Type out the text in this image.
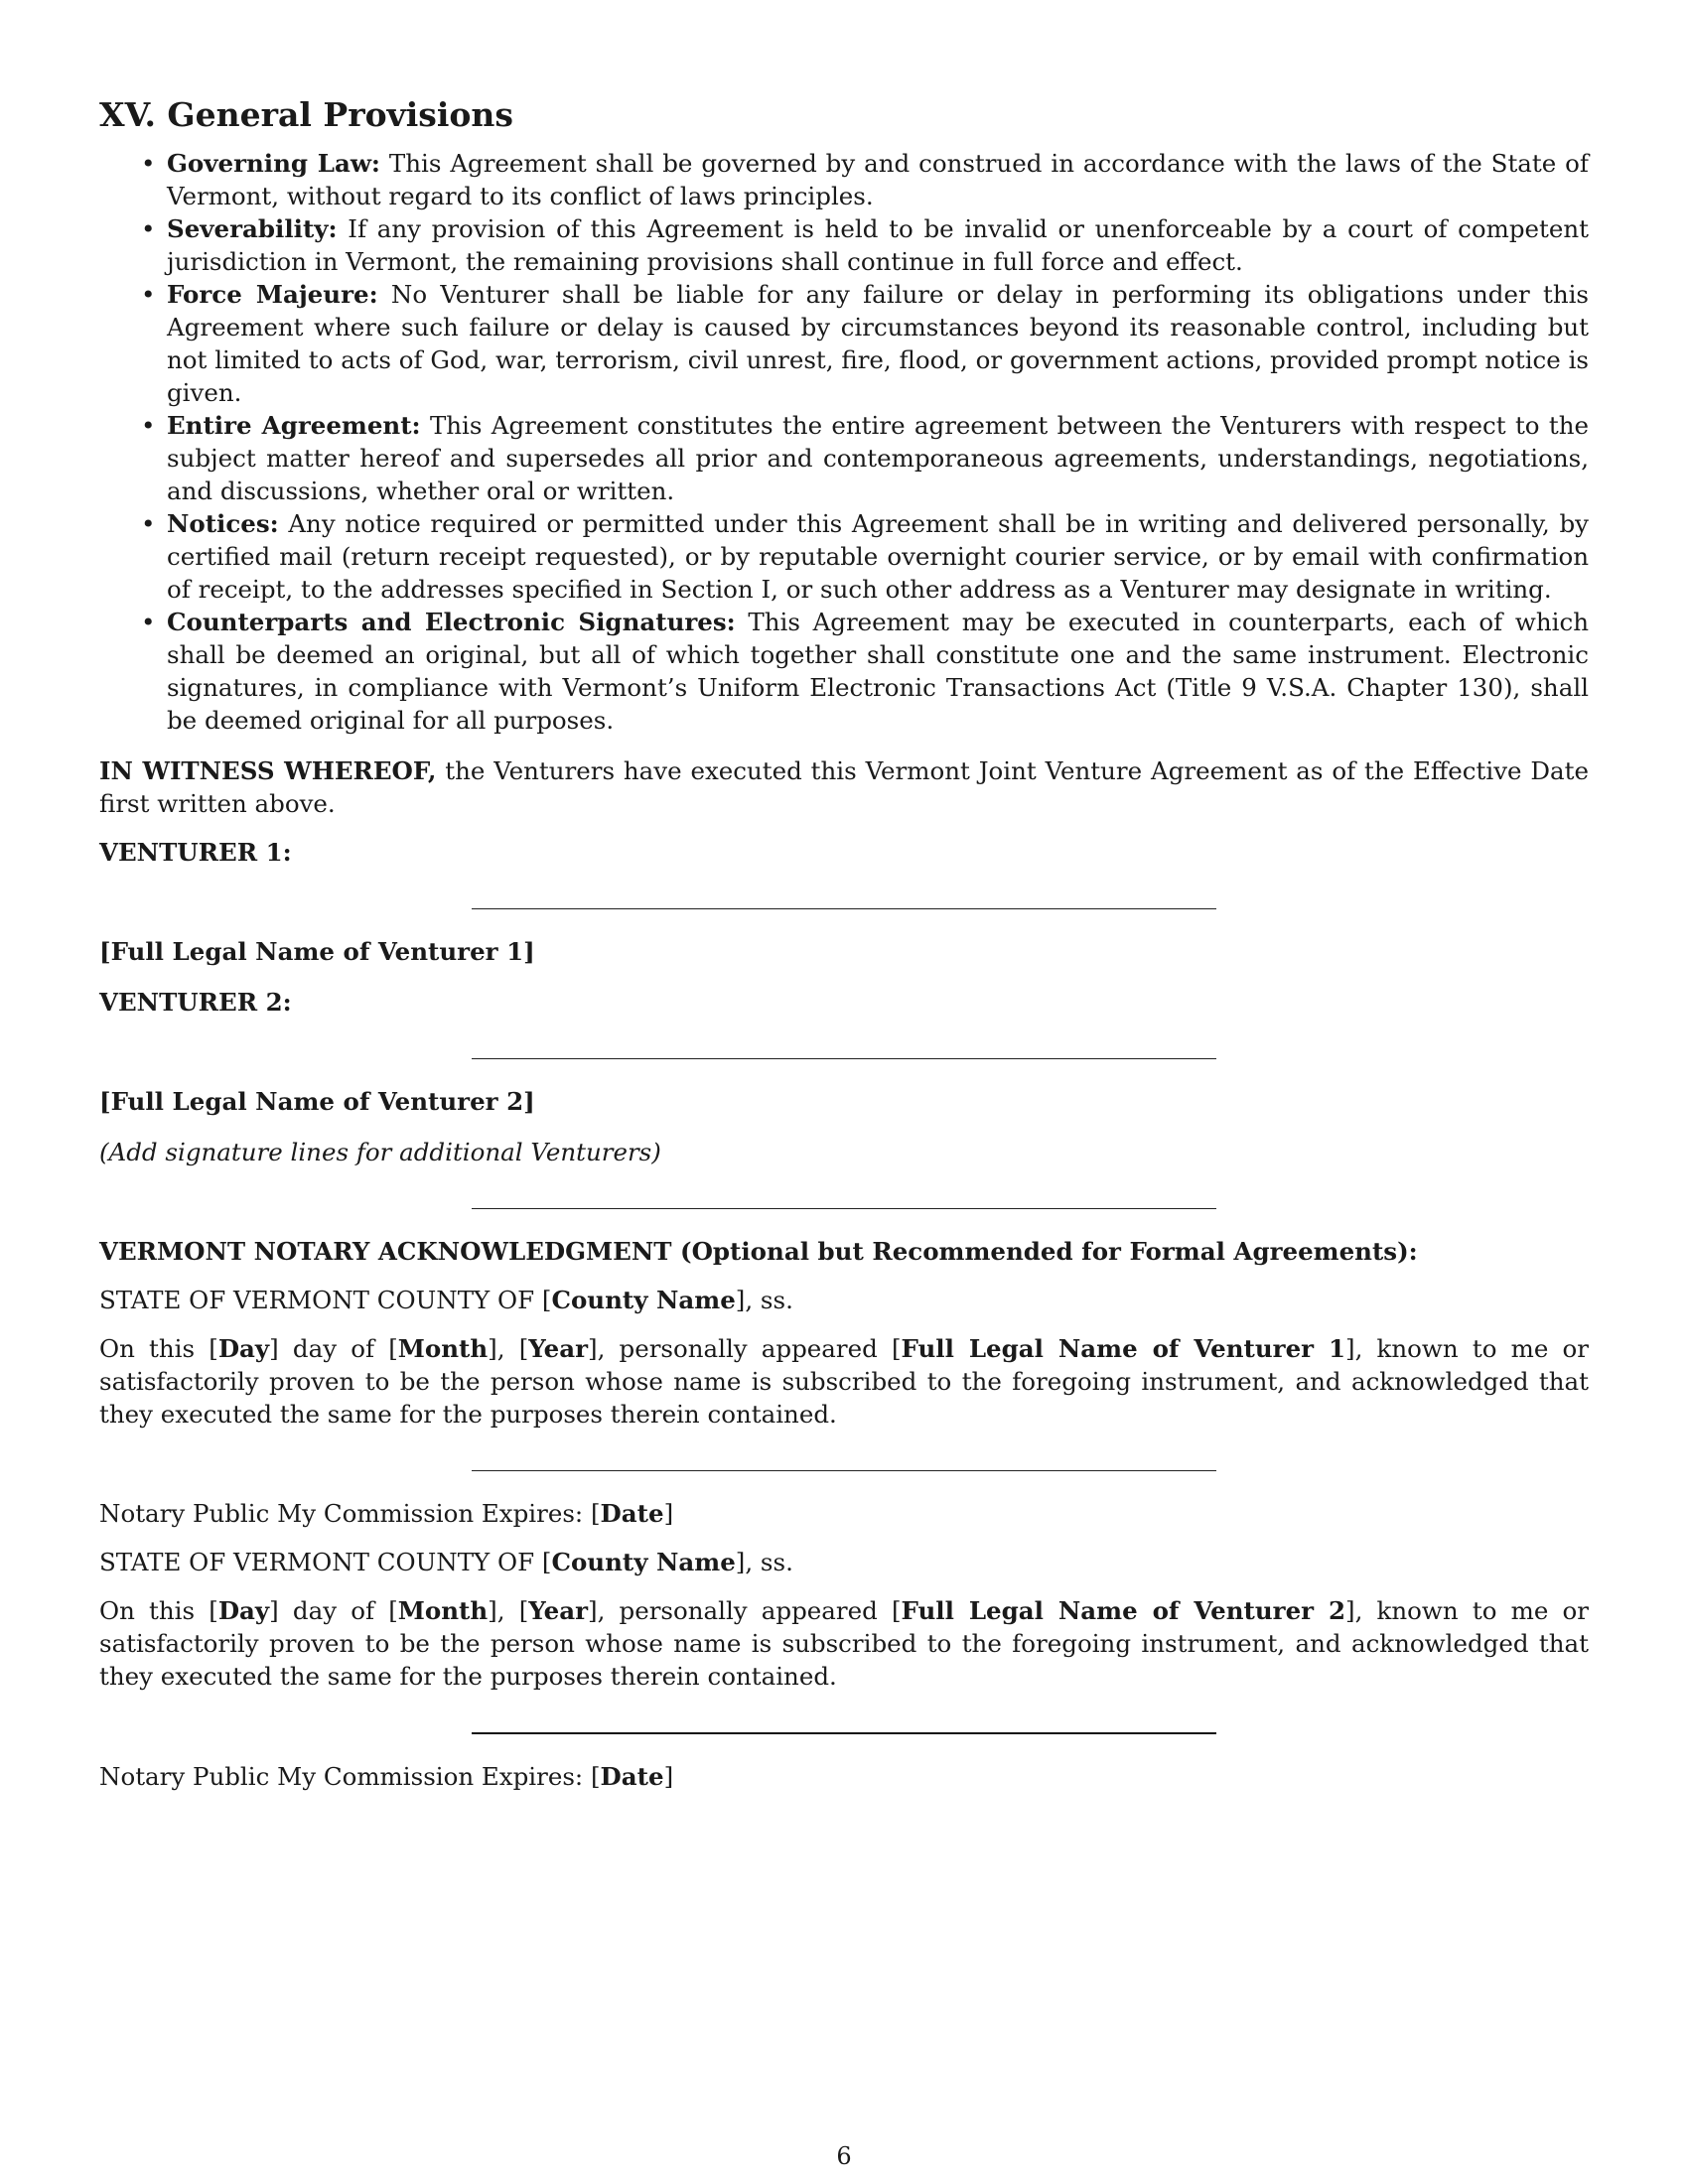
XV. General Provisions
• Governing Law: This Agreement shall be governed by and construed in accordance with the laws of the State of Vermont, without regard to its conflict of laws principles.
• Severability: If any provision of this Agreement is held to be invalid or unenforceable by a court of competent jurisdiction in Vermont, the remaining provisions shall continue in full force and effect.
• Force Majeure: No Venturer shall be liable for any failure or delay in performing its obligations under this Agreement where such failure or delay is caused by circumstances beyond its reasonable control, including but not limited to acts of God, war, terrorism, civil unrest, fire, flood, or government actions, provided prompt notice is given.
• Entire Agreement: This Agreement constitutes the entire agreement between the Venturers with respect to the subject matter hereof and supersedes all prior and contemporaneous agreements, understandings, negotiations, and discussions, whether oral or written.
• Notices: Any notice required or permitted under this Agreement shall be in writing and delivered personally, by certified mail (return receipt requested), or by reputable overnight courier service, or by email with confirmation of receipt, to the addresses specified in Section I, or such other address as a Venturer may designate in writing.
• Counterparts and Electronic Signatures: This Agreement may be executed in counterparts, each of which shall be deemed an original, but all of which together shall constitute one and the same instrument. Electronic signatures, in compliance with Vermont’s Uniform Electronic Transactions Act (Title 9 V.S.A. Chapter 130), shall be deemed original for all purposes.

IN WITNESS WHEREOF, the Venturers have executed this Vermont Joint Venture Agreement as of the Effective Date first written above.

VENTURER 1:
[Full Legal Name of Venturer 1]
VENTURER 2:
[Full Legal Name of Venturer 2]
(Add signature lines for additional Venturers)
VERMONT NOTARY ACKNOWLEDGMENT (Optional but Recommended for Formal Agreements):

STATE OF VERMONT COUNTY OF [County Name], ss.

On this [Day] day of [Month], [Year], personally appeared [Full Legal Name of Venturer 1], known to me or satisfactorily proven to be the person whose name is subscribed to the foregoing instrument, and acknowledged that they executed the same for the purposes therein contained.

Notary Public My Commission Expires: [Date]

STATE OF VERMONT COUNTY OF [County Name], ss.

On this [Day] day of [Month], [Year], personally appeared [Full Legal Name of Venturer 2], known to me or satisfactorily proven to be the person whose name is subscribed to the foregoing instrument, and acknowledged that they executed the same for the purposes therein contained.

Notary Public My Commission Expires: [Date]

6
